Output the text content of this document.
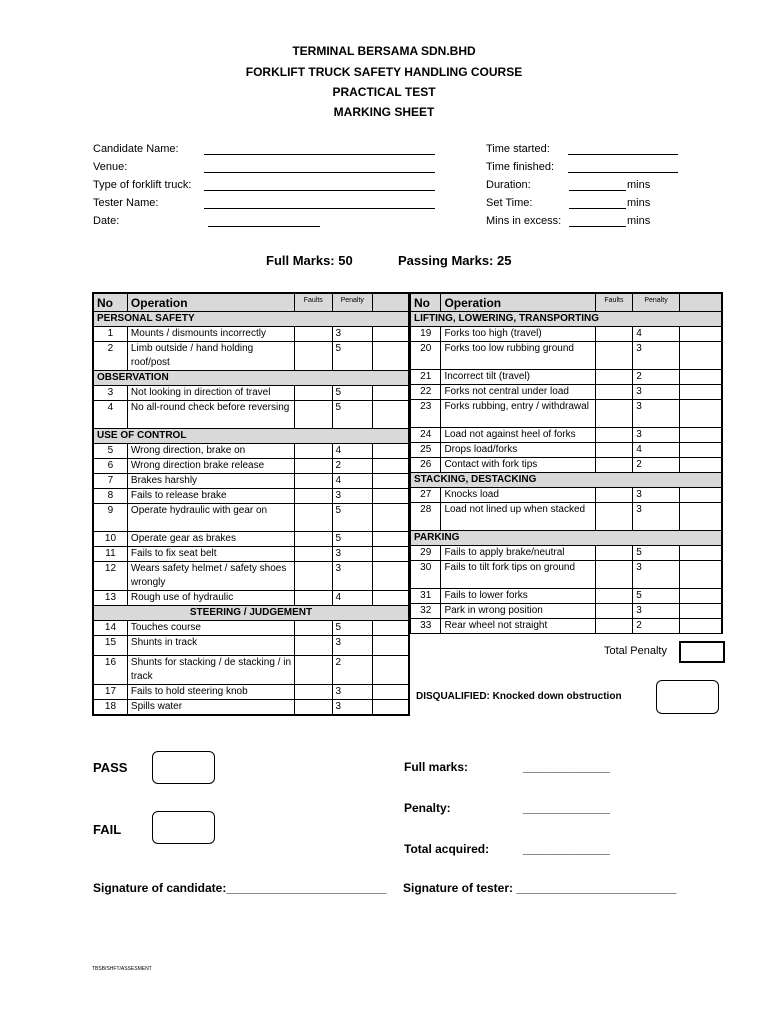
TERMINAL BERSAMA SDN.BHD
FORKLIFT TRUCK SAFETY HANDLING COURSE
PRACTICAL TEST
MARKING SHEET
Candidate Name:
Venue:
Type of forklift truck:
Tester Name:
Date:
Time started:
Time finished:
Duration:	mins
Set Time:	mins
Mins in excess:	mins
Full Marks: 50	Passing Marks: 25
No	Operation	Faults	Penalty	
PERSONAL SAFETY				
1	Mounts / dismounts incorrectly		3	
2	Limb outside / hand holding roof/post		5	
OBSERVATION				
3	Not looking in direction of travel		5	
4	No all-round check before reversing		5	
USE OF CONTROL				
5	Wrong direction, brake on		4	
6	Wrong direction brake release		2	
7	Brakes harshly		4	
8	Fails to release brake		3	
9	Operate hydraulic with gear on		5	
10	Operate gear as brakes		5	
11	Fails to fix seat belt		3	
12	Wears safety helmet / safety shoes wrongly		3	
13	Rough use of hydraulic		4	
STEERING / JUDGEMENT				
14	Touches course		5	
15	Shunts in track		3	
16	Shunts for stacking / de stacking / in track		2	
17	Fails to hold steering knob		3	
18	Spills water		3	
No	Operation	Faults	Penalty	
LIFTING, LOWERING, TRANSPORTING				
19	Forks too high (travel)		4	
20	Forks too low rubbing ground		3	
21	Incorrect tilt (travel)		2	
22	Forks not central under load		3	
23	Forks rubbing, entry / withdrawal		3	
24	Load not against heel of forks		3	
25	Drops load/forks		4	
26	Contact with fork tips		2	
STACKING, DESTACKING				
27	Knocks load		3	
28	Load not lined up when stacked		3	
PARKING				
29	Fails to apply brake/neutral		5	
30	Fails to tilt fork tips on ground		3	
31	Fails to lower forks		5	
32	Park in wrong position		3	
33	Rear wheel not straight		2	
Total Penalty
DISQUALIFIED: Knocked down obstruction
PASS
FAIL
Full marks:	_____________
Penalty:	_____________
Total acquired:	_____________
Signature of candidate:________________________ Signature of tester: ________________________
TBSB/SHFT/ASSESMENT
